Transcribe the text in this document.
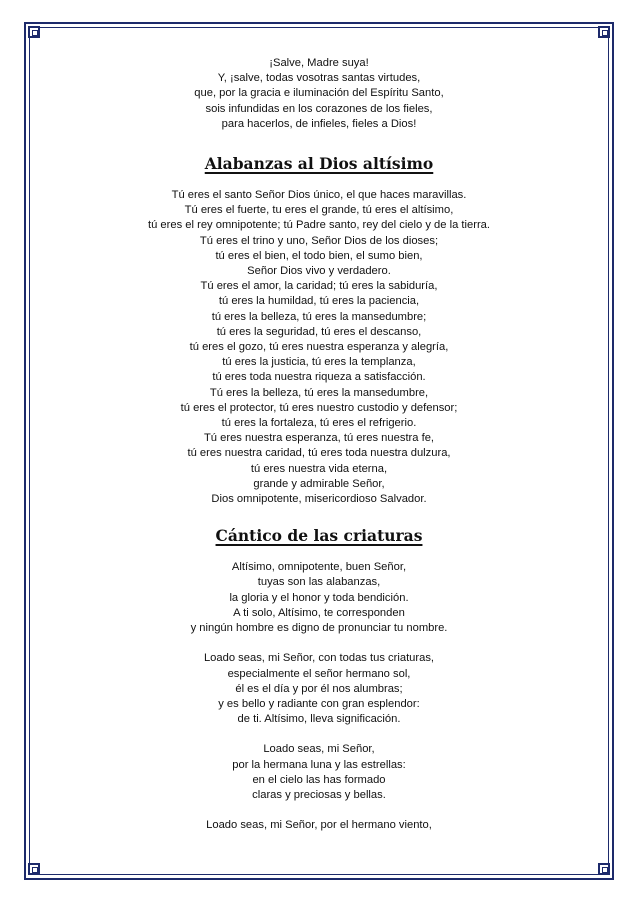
¡Salve, Madre suya!
Y, ¡salve, todas vosotras santas virtudes,
que, por la gracia e iluminación del Espíritu Santo,
sois infundidas en los corazones de los fieles,
para hacerlos, de infieles, fieles a Dios!
Alabanzas al Dios altísimo
Tú eres el santo Señor Dios único, el que haces maravillas.
Tú eres el fuerte, tu eres el grande, tú eres el altísimo,
tú eres el rey omnipotente; tú Padre santo, rey del cielo y de la tierra.
Tú eres el trino y uno, Señor Dios de los dioses;
tú eres el bien, el todo bien, el sumo bien,
Señor Dios vivo y verdadero.
Tú eres el amor, la caridad; tú eres la sabiduría,
tú eres la humildad, tú eres la paciencia,
tú eres la belleza, tú eres la mansedumbre;
tú eres la seguridad, tú eres el descanso,
tú eres el gozo, tú eres nuestra esperanza y alegría,
tú eres la justicia, tú eres la templanza,
tú eres toda nuestra riqueza a satisfacción.
Tú eres la belleza, tú eres la mansedumbre,
tú eres el protector, tú eres nuestro custodio y defensor;
tú eres la fortaleza, tú eres el refrigerio.
Tú eres nuestra esperanza, tú eres nuestra fe,
tú eres nuestra caridad, tú eres toda nuestra dulzura,
tú eres nuestra vida eterna,
grande y admirable Señor,
Dios omnipotente, misericordioso Salvador.
Cántico de las criaturas
Altísimo, omnipotente, buen Señor,
tuyas son las alabanzas,
la gloria y el honor y toda bendición.
A ti solo, Altísimo, te corresponden
y ningún hombre es digno de pronunciar tu nombre.
Loado seas, mi Señor, con todas tus criaturas,
especialmente el señor hermano sol,
él es el día y por él nos alumbras;
y es bello y radiante con gran esplendor:
de ti. Altísimo, lleva significación.
Loado seas, mi Señor,
por la hermana luna y las estrellas:
en el cielo las has formado
claras y preciosas y bellas.
Loado seas, mi Señor, por el hermano viento,
